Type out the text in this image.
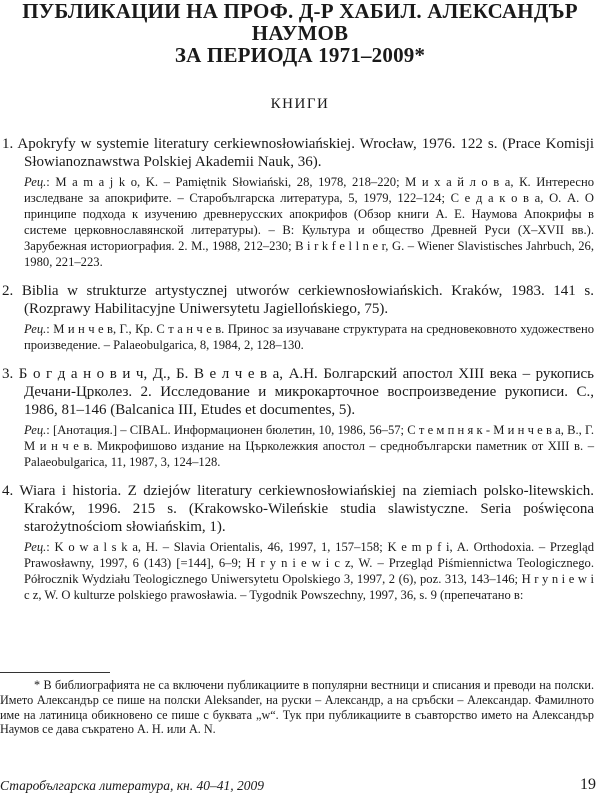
ПУБЛИКАЦИИ НА ПРОФ. Д-Р ХАБИЛ. АЛЕКСАНДЪР НАУМОВ
ЗА ПЕРИОДА 1971–2009*
КНИГИ

1. Apokryfy w systemie literatury cerkiewnosłowiańskiej. Wrocław, 1976. 122 s. (Prace Komisji Słowianoznawstwa Polskiej Akademii Nauk, 36).

Рец.: M a m a j k o, K. – Pamiętnik Słowiański, 28, 1978, 218–220; М и х а й л о в а, К. Интересно изследване за апокрифите. – Старобългарска литература, 5, 1979, 122–124; С е д а к о в а, О. А. О принципе подхода к изучению древнерусских апокрифов (Обзор книги А. Е. Наумова Апокрифы в системе церковнославянской литературы). – В: Культура и общество Древней Руси (X–XVII вв.). Зарубежная историография. 2. М., 1988, 212–230; B i r k f e l l n e r, G. – Wiener Slavistisches Jahrbuch, 26, 1980, 221–223.

2. Biblia w strukturze artystycznej utworów cerkiewnosłowiańskich. Kraków, 1983. 141 s. (Rozprawy Habilitacyjne Uniwersytetu Jagiellońskiego, 75).

Рец.: М и н ч е в, Г., Кр. С т а н ч е в. Принос за изучаване структурата на средновековното художествено произведение. – Palaeobulgarica, 8, 1984, 2, 128–130.

3. Б о г д а н о в и ч, Д., Б. В е л ч е в а, А.Н. Болгарский апостол XIII века – рукопись Дечани-Црколез. 2. Исследование и микрокарточное воспроизведение рукописи. С., 1986, 81–146 (Balcanica III, Etudes et documentes, 5).

Рец.: [Анотация.] – CIBAL. Информационен бюлетин, 10, 1986, 56–57; С т е м п н я к - М и н ч е в а, В., Г. М и н ч е в. Микрофишово издание на Църколежкия апостол – среднобългарски паметник от XIII в. – Palaeobulgarica, 11, 1987, 3, 124–128.

4. Wiara i historia. Z dziejów literatury cerkiewnosłowiańskiej na ziemiach polsko-litewskich. Kraków, 1996. 215 s. (Krakowsko-Wileńskie studia slawistyczne. Seria poświęcona starożytnościom słowiańskim, 1).

Рец.: K o w a l s k a, H. – Slavia Orientalis, 46, 1997, 1, 157–158; K e m p f i, A. Orthodoxia. – Przegląd Prawosławny, 1997, 6 (143) [=144], 6–9; H r y n i e w i c z, W. – Przegląd Piśmiennictwa Teologicznego. Półrocznik Wydziału Teologicznego Uniwersytetu Opolskiego 3, 1997, 2 (6), poz. 313, 143–146; H r y n i e w i c z, W. O kulturze polskiego prawosławia. – Tygodnik Powszechny, 1997, 36, s. 9 (препечатано в:

* В библиографията не са включени публикациите в популярни вестници и списания и преводи на полски. Името Александър се пише на полски Aleksander, на руски – Александр, а на сръбски – Александар. Фамилното име на латиница обикновено се пише с буквата „w“. Тук при публикациите в съавторство името на Александър Наумов се дава съкратено А. Н. или А. N.

Старобългарска литература, кн. 40–41, 2009	19
